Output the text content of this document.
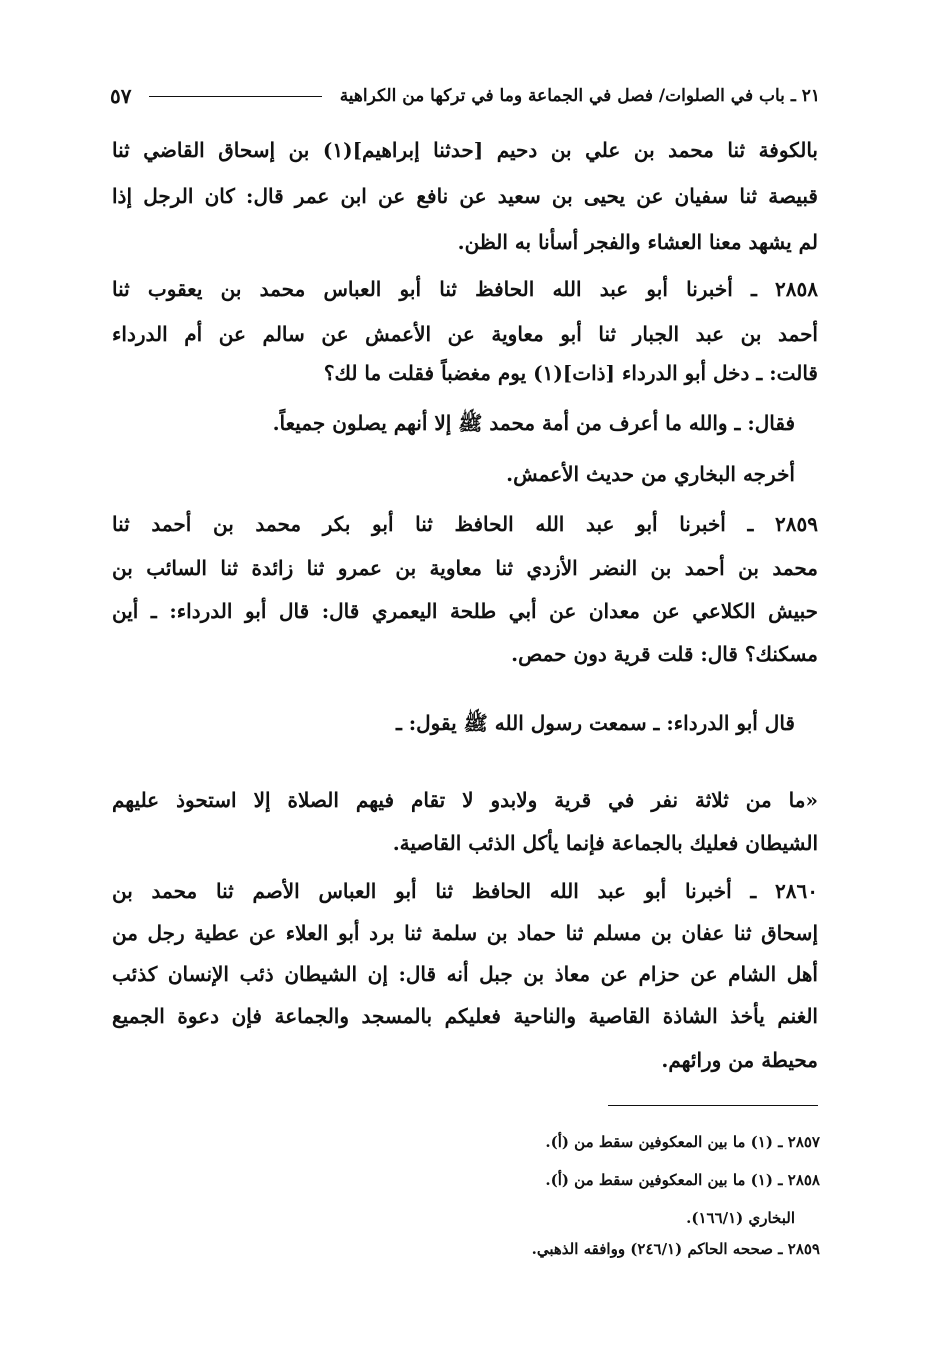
٢١ ـ باب في الصلوات/ فصل في الجماعة وما في تركها من الكراهية
٥٧
بالكوفة ثنا محمد بن علي بن دحيم [حدثنا إبراهيم](١) بن إسحاق القاضي ثنا
قبيصة ثنا سفيان عن يحيى بن سعيد عن نافع عن ابن عمر قال: كان الرجل إذا
لم يشهد معنا العشاء والفجر أسأنا به الظن.
٢٨٥٨ ـ أخبرنا أبو عبد الله الحافظ ثنا أبو العباس محمد بن يعقوب ثنا
أحمد بن عبد الجبار ثنا أبو معاوية عن الأعمش عن سالم عن أم الدرداء
قالت: ـ دخل أبو الدرداء [ذات](١) يوم مغضباً فقلت ما لك؟
فقال: ـ والله ما أعرف من أمة محمد ﷺ إلا أنهم يصلون جميعاً.
أخرجه البخاري من حديث الأعمش.
٢٨٥٩ ـ أخبرنا أبو عبد الله الحافظ ثنا أبو بكر محمد بن أحمد ثنا
محمد بن أحمد بن النضر الأزدي ثنا معاوية بن عمرو ثنا زائدة ثنا السائب بن
حبيش الكلاعي عن معدان عن أبي طلحة اليعمري قال: قال أبو الدرداء: ـ أين
مسكنك؟ قال: قلت قرية دون حمص.
قال أبو الدرداء: ـ سمعت رسول الله ﷺ يقول: ـ
«ما من ثلاثة نفر في قرية ولابدو لا تقام فيهم الصلاة إلا استحوذ عليهم
الشيطان فعليك بالجماعة فإنما يأكل الذئب القاصية.
٢٨٦٠ ـ أخبرنا أبو عبد الله الحافظ ثنا أبو العباس الأصم ثنا محمد بن
إسحاق ثنا عفان بن مسلم ثنا حماد بن سلمة ثنا برد أبو العلاء عن عطية رجل من
أهل الشام عن حزام عن معاذ بن جبل أنه قال: إن الشيطان ذئب الإنسان كذئب
الغنم يأخذ الشاذة القاصية والناحية فعليكم بالمسجد والجماعة فإن دعوة الجميع
محيطة من ورائهم.
٢٨٥٧ ـ (١) ما بين المعكوفين سقط من (أ).
٢٨٥٨ ـ (١) ما بين المعكوفين سقط من (أ).
البخاري (١٦٦/١).
٢٨٥٩ ـ صححه الحاكم (٢٤٦/١) ووافقه الذهبي.
